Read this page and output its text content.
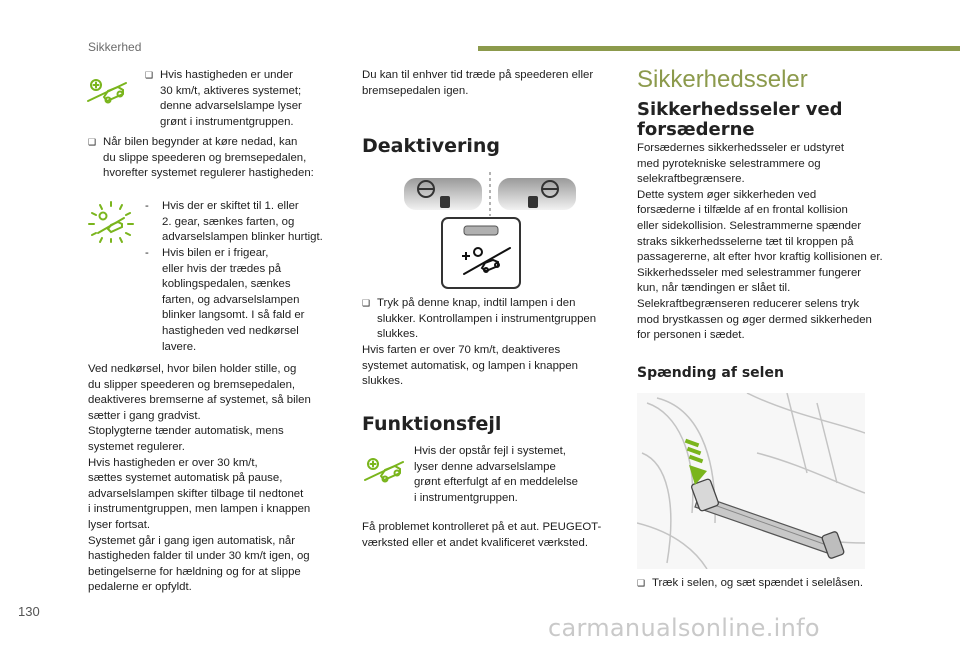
Sikkerhed
❑ Hvis hastigheden er under
30 km/t, aktiveres systemet;
denne advarselslampe lyser
grønt i instrumentgruppen.
❑ Når bilen begynder at køre nedad, kan
du slippe speederen og bremsepedalen,
hvorefter systemet regulerer hastigheden:
- Hvis der er skiftet til 1. eller
2. gear, sænkes farten, og
advarselslampen blinker hurtigt.
- Hvis bilen er i frigear,
eller hvis der trædes på
koblingspedalen, sænkes
farten, og advarselslampen
blinker langsomt. I så fald er
hastigheden ved nedkørsel
lavere.
Ved nedkørsel, hvor bilen holder stille, og
du slipper speederen og bremsepedalen,
deaktiveres bremserne af systemet, så bilen
sætter i gang gradvist.
Stoplygterne tænder automatisk, mens
systemet regulerer.
Hvis hastigheden er over 30 km/t,
sættes systemet automatisk på pause,
advarselslampen skifter tilbage til nedtonet
i instrumentgruppen, men lampen i knappen
lyser fortsat.
Systemet går i gang igen automatisk, når
hastigheden falder til under 30 km/t igen, og
betingelserne for hældning og for at slippe
pedalerne er opfyldt.
Du kan til enhver tid træde på speederen eller
bremsepedalen igen.
Deaktivering
❑ Tryk på denne knap, indtil lampen i den
slukker. Kontrollampen i instrumentgruppen
slukkes.
Hvis farten er over 70 km/t, deaktiveres
systemet automatisk, og lampen i knappen
slukkes.
Funktionsfejl
Hvis der opstår fejl i systemet,
lyser denne advarselslampe
grønt efterfulgt af en meddelelse
i instrumentgruppen.
Få problemet kontrolleret på et aut. PEUGEOT-
værksted eller et andet kvalificeret værksted.
Sikkerhedsseler
Sikkerhedsseler ved
forsæderne
Forsædernes sikkerhedsseler er udstyret
med pyrotekniske selestrammere og
selekraftbegrænsere.
Dette system øger sikkerheden ved
forsæderne i tilfælde af en frontal kollision
eller sidekollision. Selestrammerne spænder
straks sikkerhedsselerne tæt til kroppen på
passagererne, alt efter hvor kraftig kollisionen er.
Sikkerhedsseler med selestrammer fungerer
kun, når tændingen er slået til.
Selekraftbegrænseren reducerer selens tryk
mod brystkassen og øger dermed sikkerheden
for personen i sædet.
Spænding af selen
❑ Træk i selen, og sæt spændet i selelåsen.
130
carmanualsonline.info
